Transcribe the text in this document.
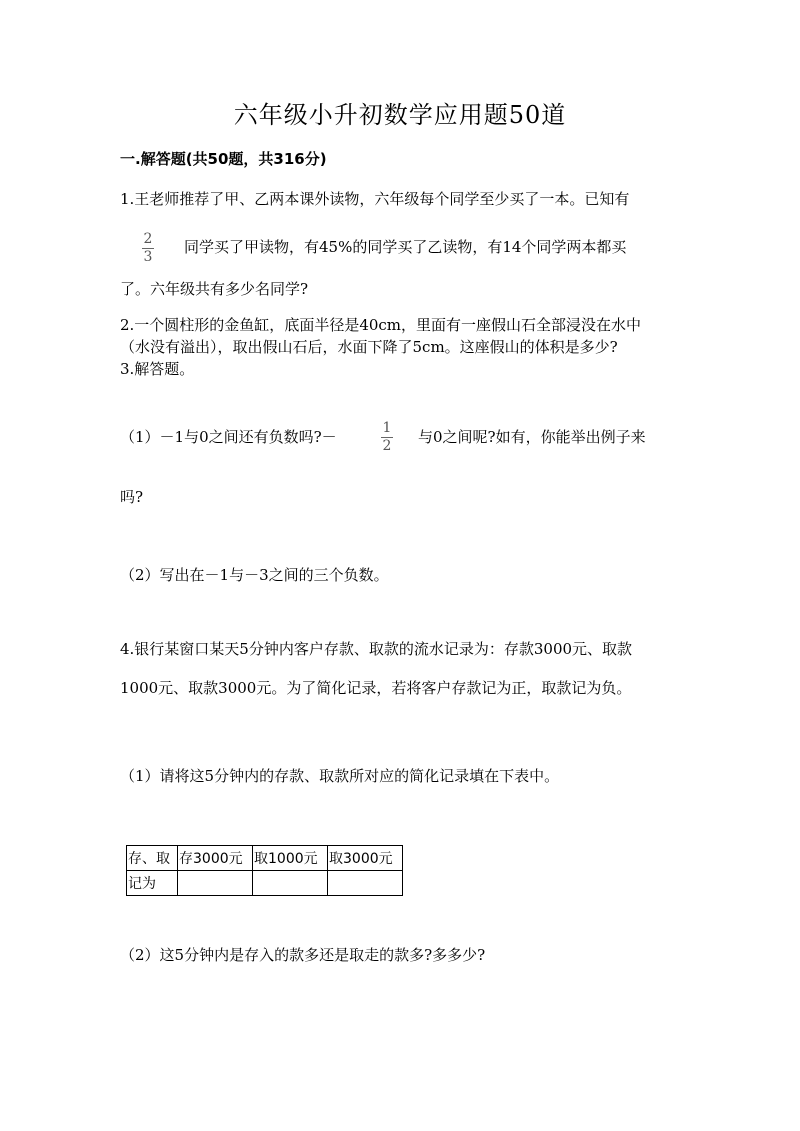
六年级小升初数学应用题50道
一.解答题(共50题，共316分)
1.王老师推荐了甲、乙两本课外读物，六年级每个同学至少买了一本。已知有
2
3
同学买了甲读物，有45%的同学买了乙读物，有14个同学两本都买
了。六年级共有多少名同学?
2.一个圆柱形的金鱼缸，底面半径是40cm，里面有一座假山石全部浸没在水中
（水没有溢出），取出假山石后，水面下降了5cm。这座假山的体积是多少?
3.解答题。
（1）－1与0之间还有负数吗?－	1
2 与0之间呢?如有，你能举出例子来
吗?
（2）写出在－1与－3之间的三个负数。
4.银行某窗口某天5分钟内客户存款、取款的流水记录为：存款3000元、取款
1000元、取款3000元。为了简化记录，若将客户存款记为正，取款记为负。
（1）请将这5分钟内的存款、取款所对应的简化记录填在下表中。
存、取	存3000元	取1000元	取3000元
记为			
（2）这5分钟内是存入的款多还是取走的款多?多多少?
